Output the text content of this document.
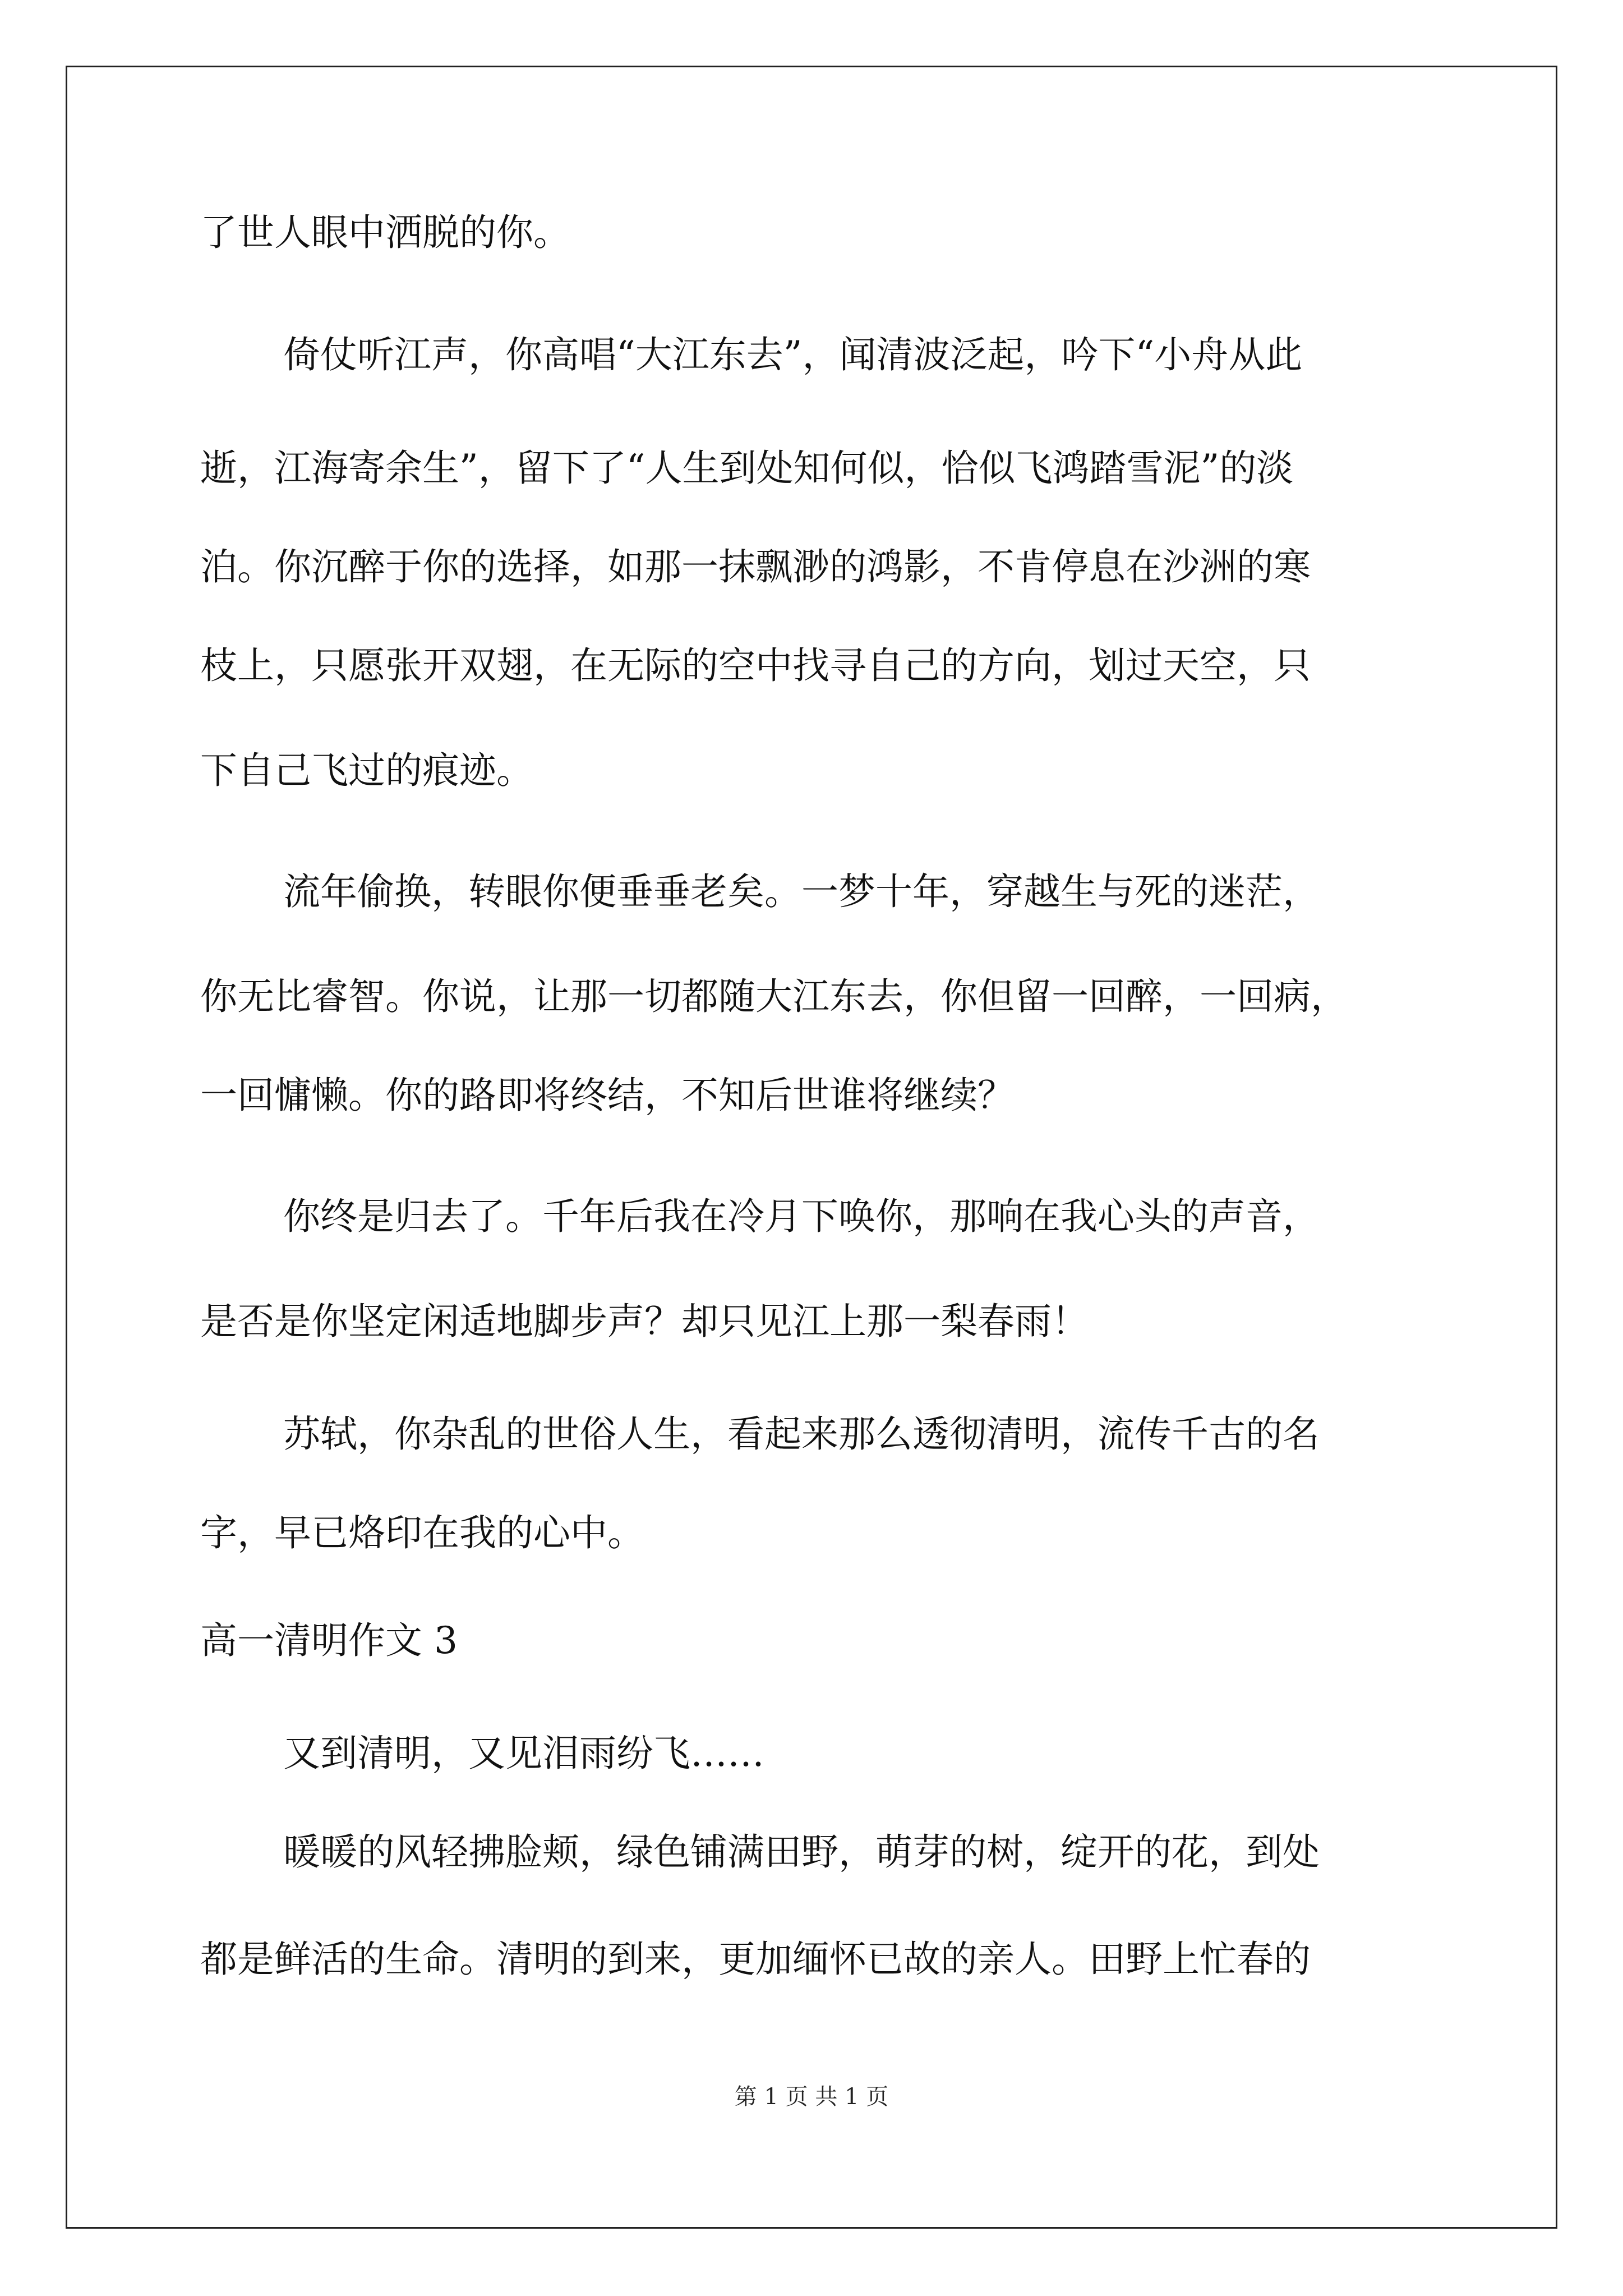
了世人眼中洒脱的你。
倚仗听江声，你高唱“大江东去”，闻清波泛起，吟下“小舟从此
逝，江海寄余生”，留下了“人生到处知何似，恰似飞鸿踏雪泥”的淡
泊。你沉醉于你的选择，如那一抹飘渺的鸿影，不肯停息在沙洲的寒
枝上，只愿张开双翅，在无际的空中找寻自己的方向，划过天空，只
下自己飞过的痕迹。
流年偷换，转眼你便垂垂老矣。一梦十年，穿越生与死的迷茫，
你无比睿智。你说，让那一切都随大江东去，你但留一回醉，一回病，
一回慵懒。你的路即将终结，不知后世谁将继续？
你终是归去了。千年后我在冷月下唤你，那响在我心头的声音，
是否是你坚定闲适地脚步声？却只见江上那一梨春雨！
苏轼，你杂乱的世俗人生，看起来那么透彻清明，流传千古的名
字，早已烙印在我的心中。
高一清明作文 3
又到清明，又见泪雨纷飞……
暖暖的风轻拂脸颊，绿色铺满田野，萌芽的树，绽开的花，到处
都是鲜活的生命。清明的到来，更加缅怀已故的亲人。田野上忙春的
第 1 页 共 1 页
